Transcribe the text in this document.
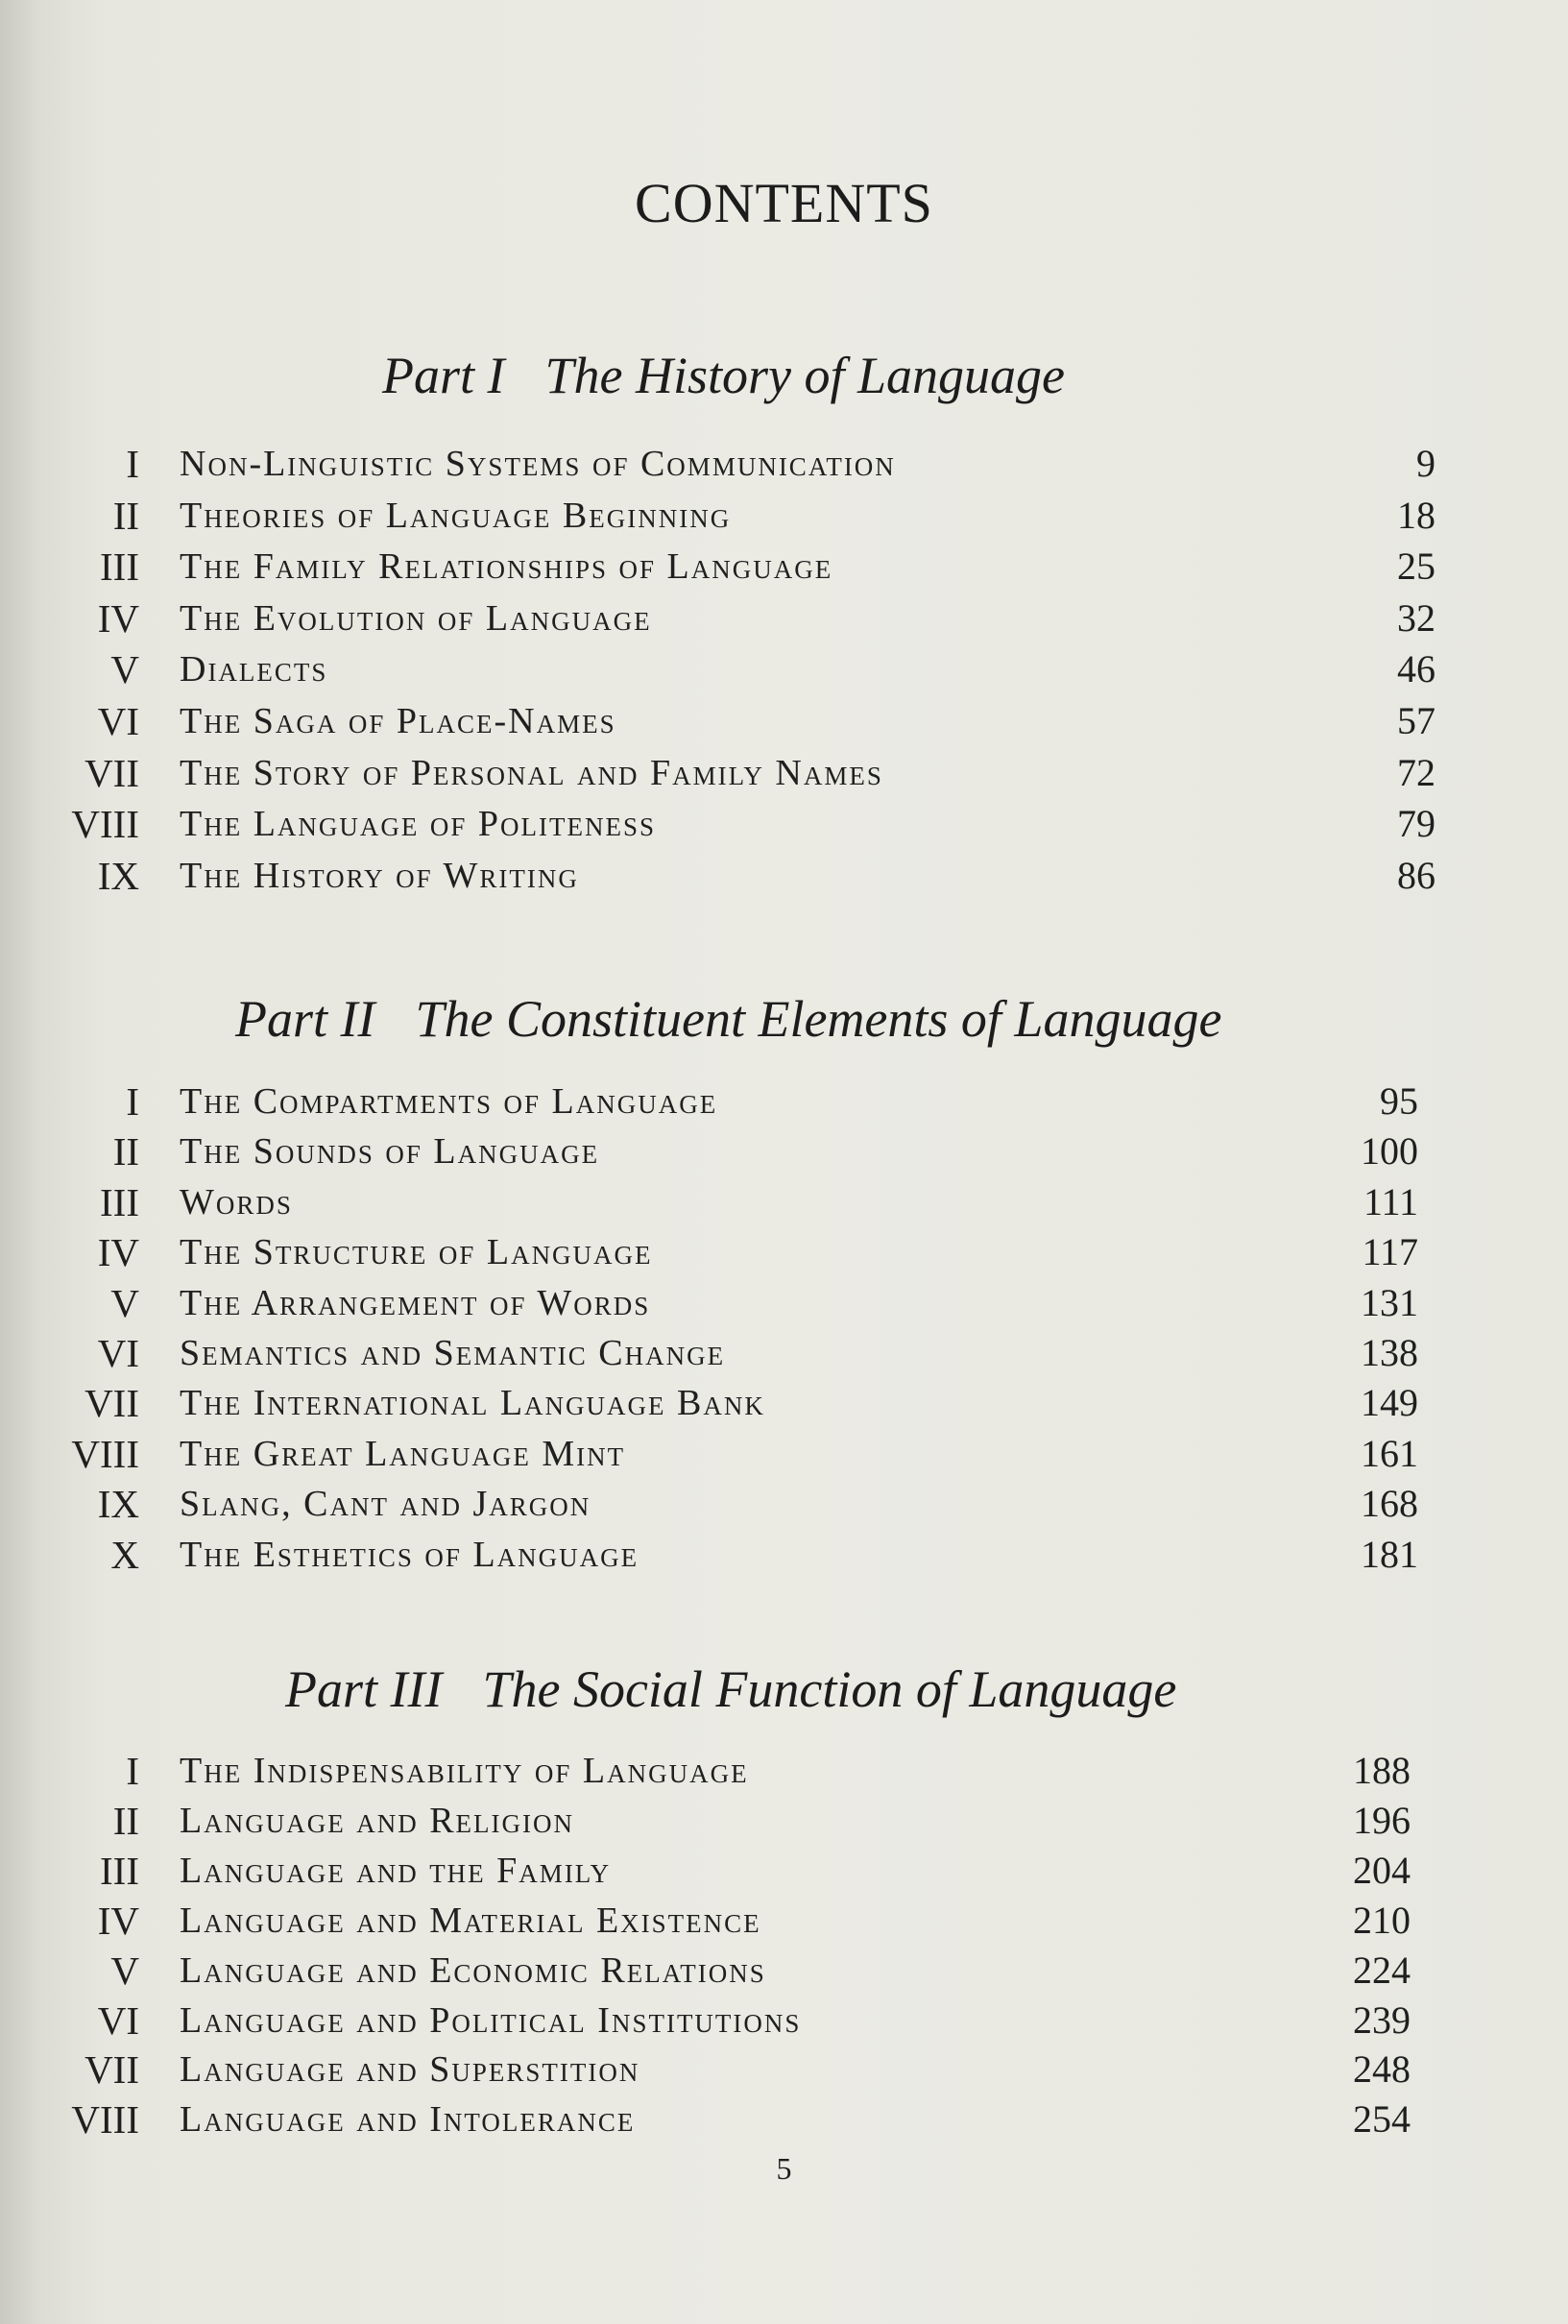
CONTENTS
Part I The History of Language
I Non-Linguistic Systems of Communication	9
II Theories of Language Beginning	18
III The Family Relationships of Language	25
IV The Evolution of Language	32
V Dialects	46
VI The Saga of Place-Names	57
VII The Story of Personal and Family Names	72
VIII The Language of Politeness	79
IX The History of Writing	86
Part II The Constituent Elements of Language
I The Compartments of Language	95
II The Sounds of Language	100
III Words	111
IV The Structure of Language	117
V The Arrangement of Words	131
VI Semantics and Semantic Change	138
VII The International Language Bank	149
VIII The Great Language Mint	161
IX Slang, Cant and Jargon	168
X The Esthetics of Language	181
Part III The Social Function of Language
I The Indispensability of Language	188
II Language and Religion	196
III Language and the Family	204
IV Language and Material Existence	210
V Language and Economic Relations	224
VI Language and Political Institutions	239
VII Language and Superstition	248
VIII Language and Intolerance	254
5
